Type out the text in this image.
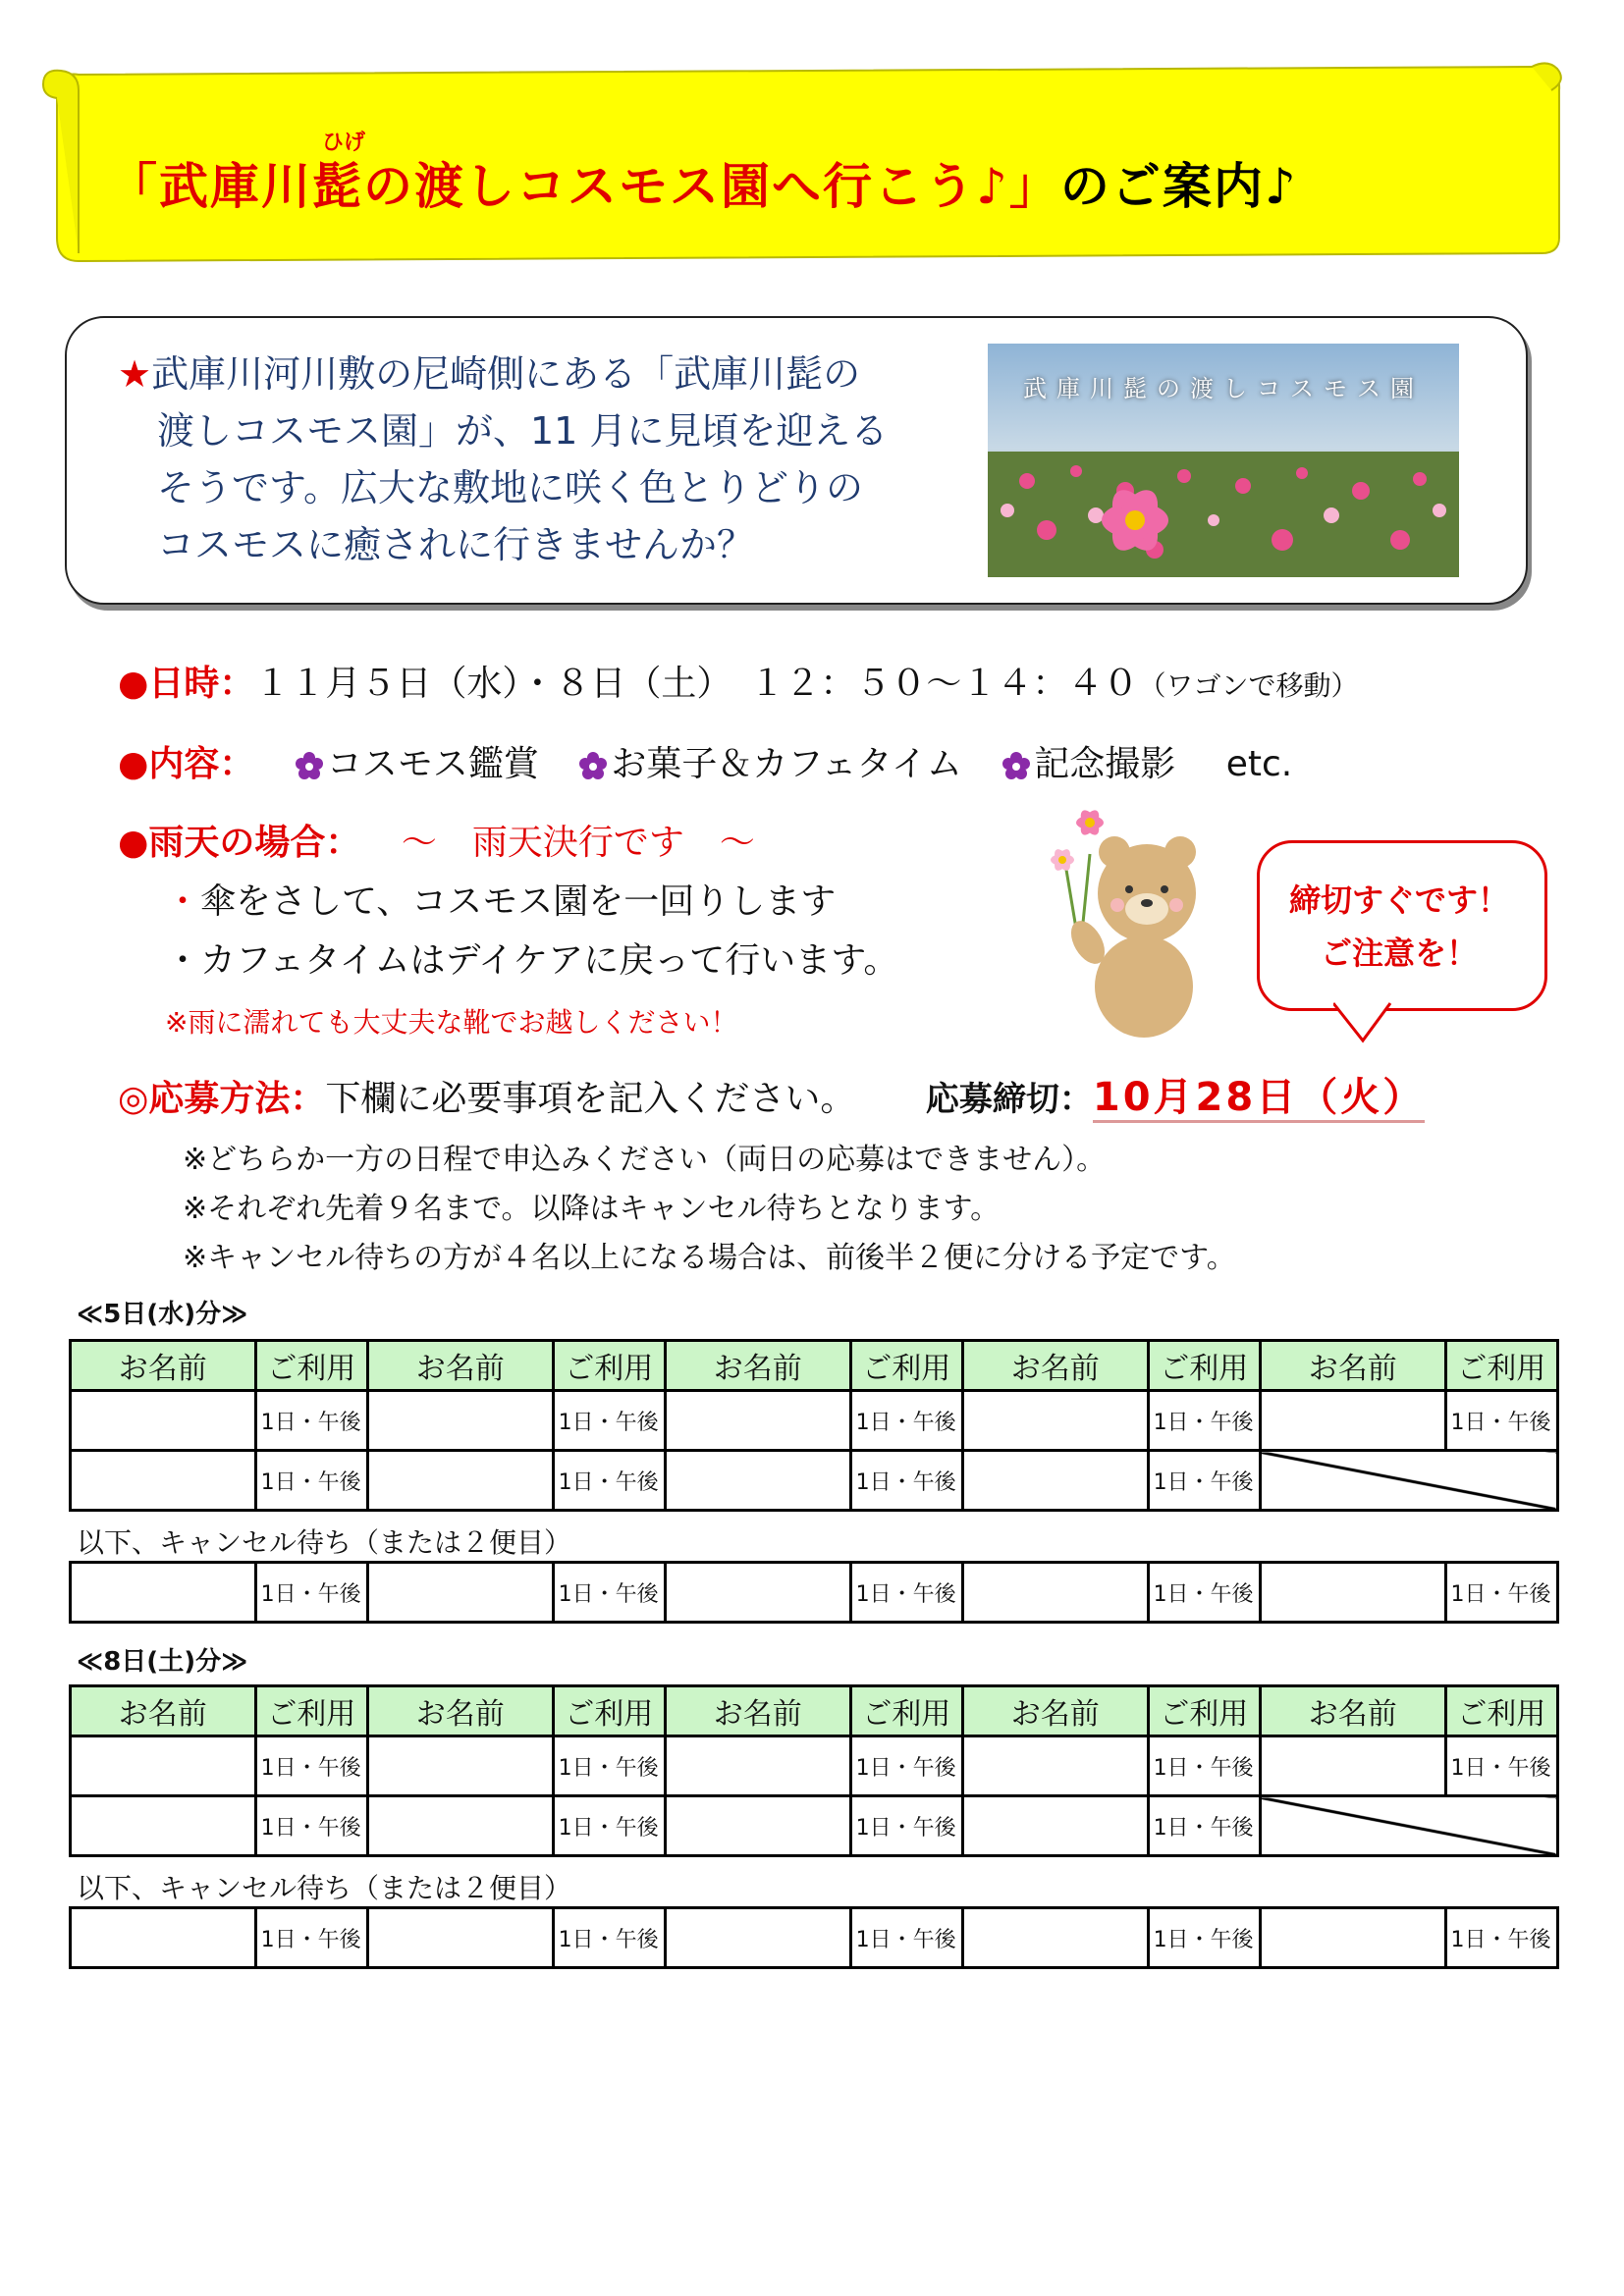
ひげ
「武庫川髭の渡しコスモス園へ行こう♪」のご案内♪
★武庫川河川敷の尼崎側にある「武庫川髭の
渡しコスモス園」が、11 月に見頃を迎える
そうです。広大な敷地に咲く色とりどりの
コスモスに癒されに行きませんか？
武庫川髭の渡しコスモス園
●日時：１１月５日（水）・８日（土）　１２：５０～１４：４０（ワゴンで移動）
●内容： コスモス鑑賞 お菓子＆カフェタイム 記念撮影 etc.
●雨天の場合： ～　雨天決行です　～
・傘をさして、コスモス園を一回りします
・カフェタイムはデイケアに戻って行います。
※雨に濡れても大丈夫な靴でお越しください！
締切すぐです！
ご注意を！
◎応募方法：下欄に必要事項を記入ください。 応募締切：10月28日（火）
※どちらか一方の日程で申込みください（両日の応募はできません）。
※それぞれ先着９名まで。以降はキャンセル待ちとなります。
※キャンセル待ちの方が４名以上になる場合は、前後半２便に分ける予定です。
≪5日(水)分≫
お名前	ご利用	お名前	ご利用	お名前	ご利用	お名前	ご利用	お名前	ご利用
	1日・午後		1日・午後		1日・午後		1日・午後		1日・午後
	1日・午後		1日・午後		1日・午後		1日・午後		
以下、キャンセル待ち（または２便目）
	1日・午後		1日・午後		1日・午後		1日・午後		1日・午後
≪8日(土)分≫
お名前	ご利用	お名前	ご利用	お名前	ご利用	お名前	ご利用	お名前	ご利用
	1日・午後		1日・午後		1日・午後		1日・午後		1日・午後
	1日・午後		1日・午後		1日・午後		1日・午後		
以下、キャンセル待ち（または２便目）
	1日・午後		1日・午後		1日・午後		1日・午後		1日・午後
